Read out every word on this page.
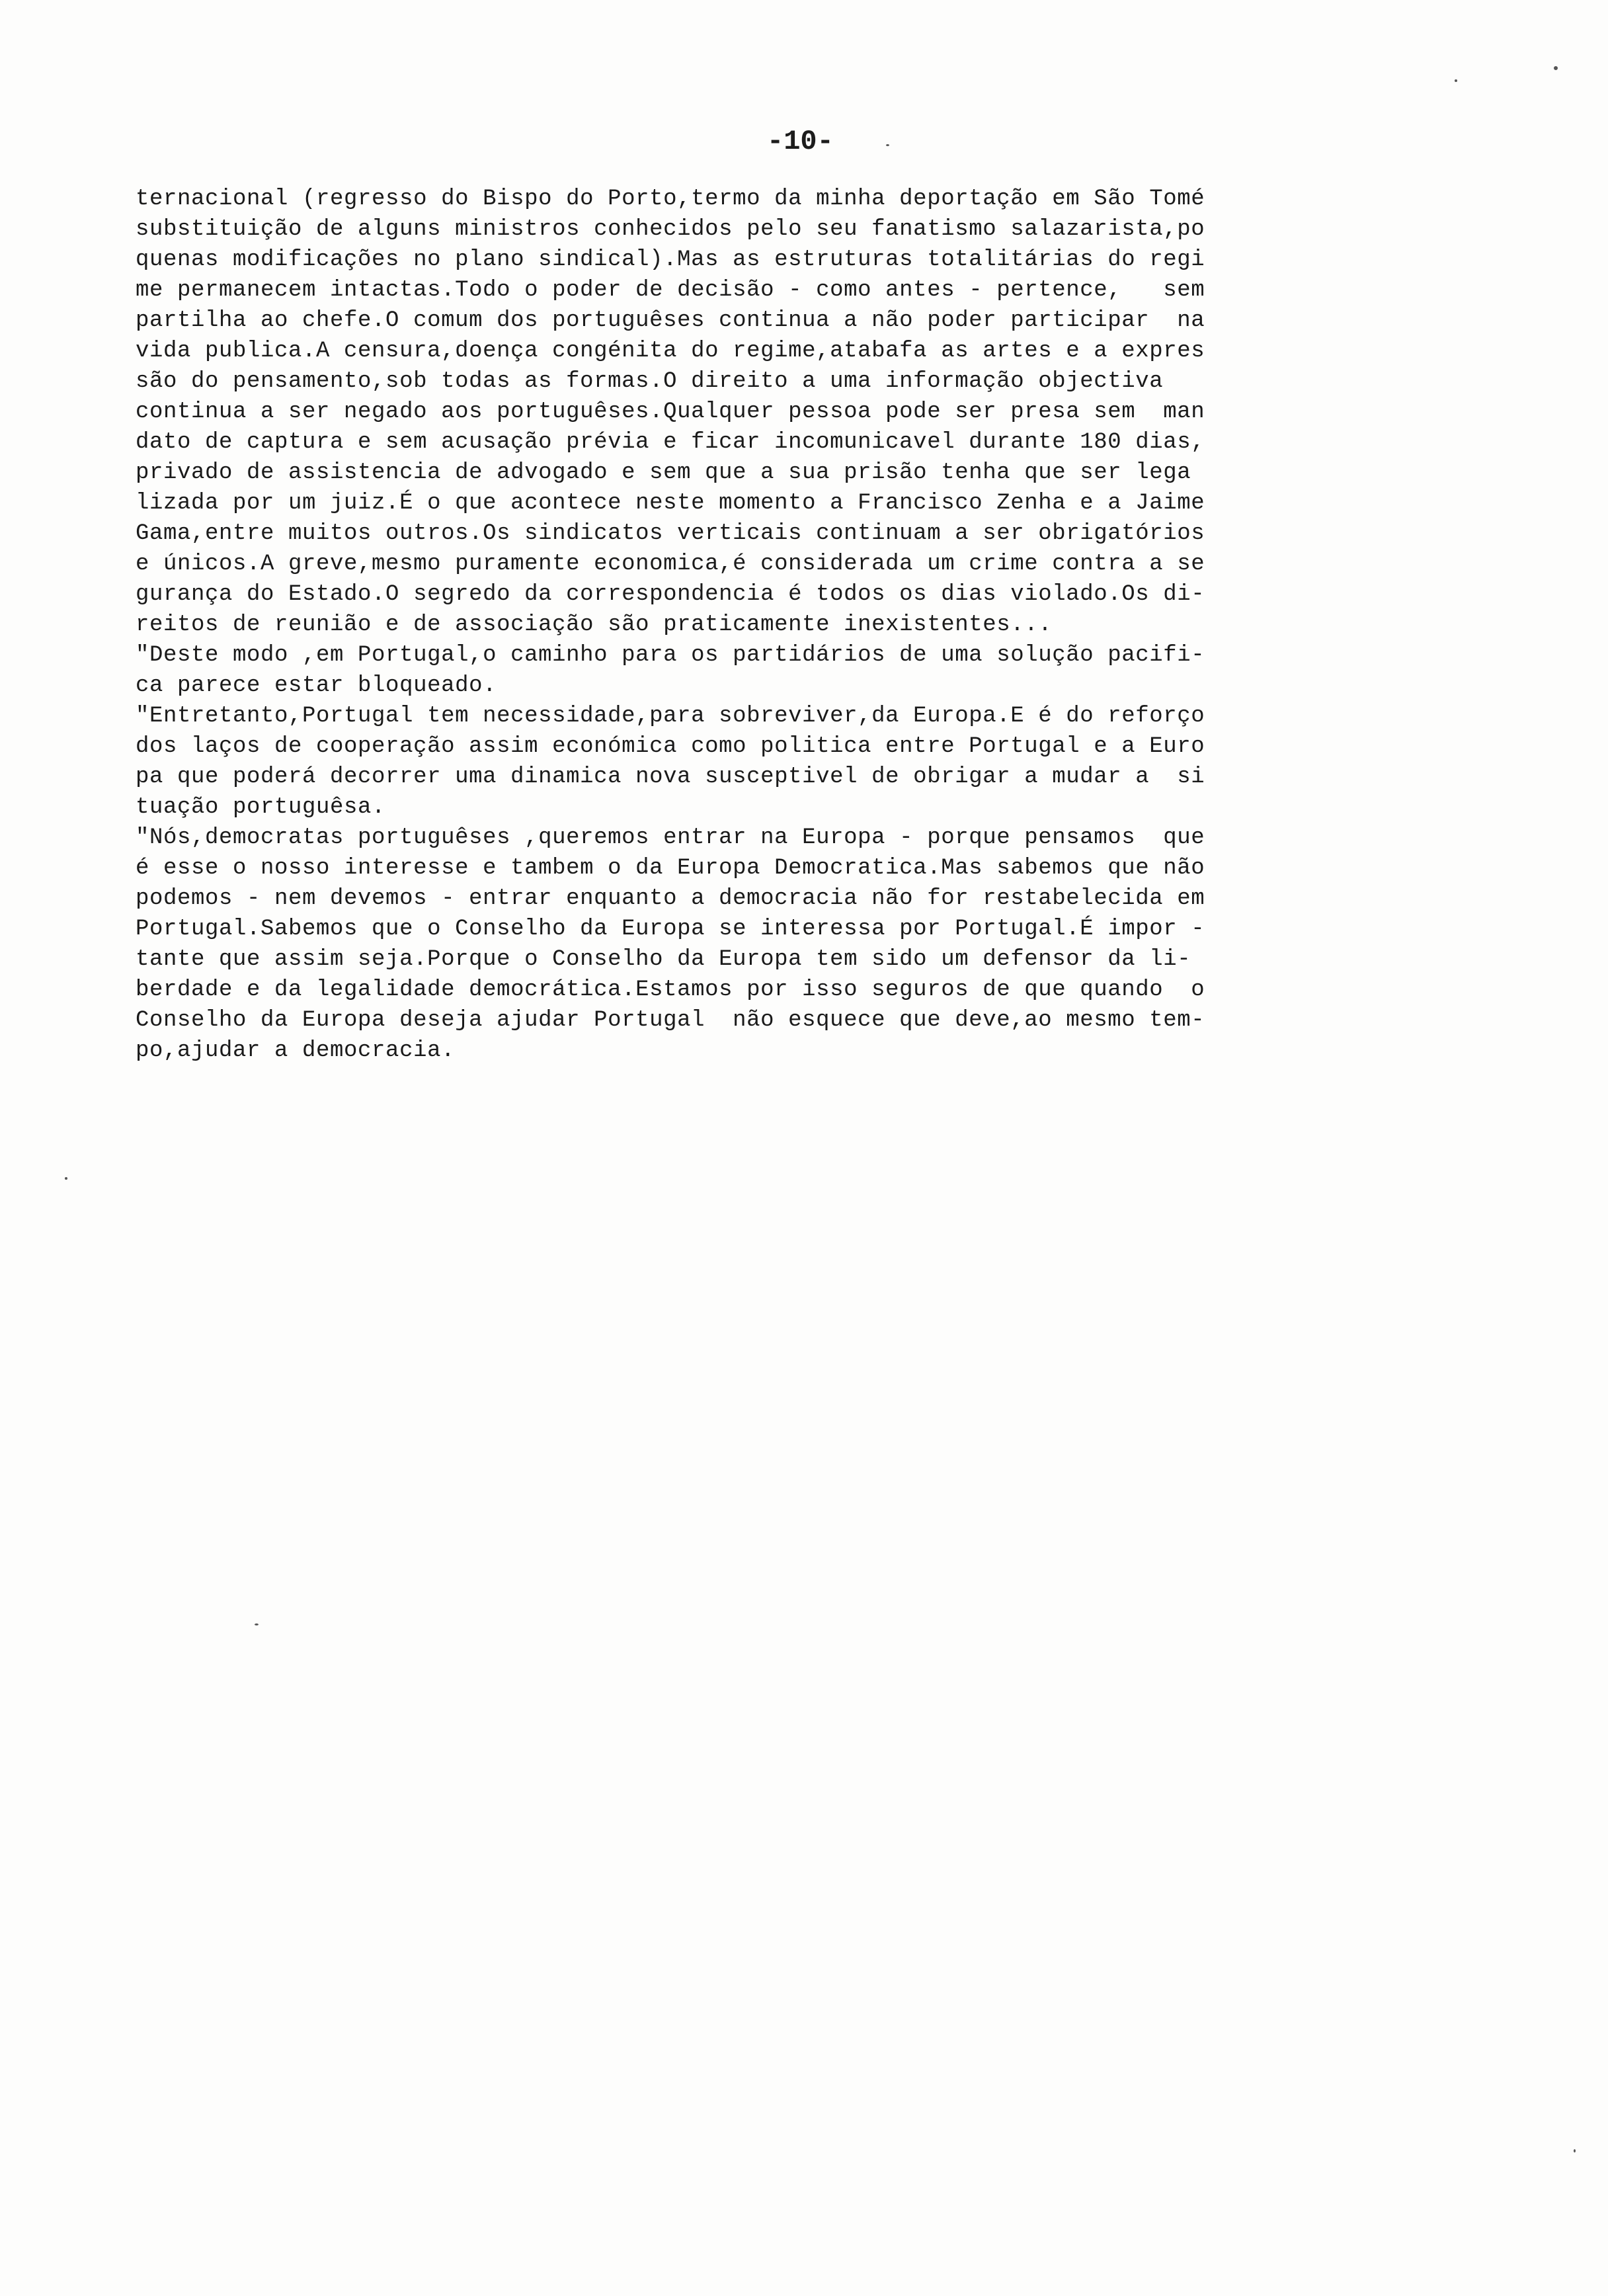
-10-
ternacional (regresso do Bispo do Porto,termo da minha deportação em São Tomé
substituição de alguns ministros conhecidos pelo seu fanatismo salazarista,po
quenas modificações no plano sindical).Mas as estruturas totalitárias do regi
me permanecem intactas.Todo o poder de decisão - como antes - pertence,   sem
partilha ao chefe.O comum dos portuguêses continua a não poder participar  na
vida publica.A censura,doença congénita do regime,atabafa as artes e a expres
são do pensamento,sob todas as formas.O direito a uma informação objectiva
continua a ser negado aos portuguêses.Qualquer pessoa pode ser presa sem  man
dato de captura e sem acusação prévia e ficar incomunicavel durante 180 dias,
privado de assistencia de advogado e sem que a sua prisão tenha que ser lega
lizada por um juiz.É o que acontece neste momento a Francisco Zenha e a Jaime
Gama,entre muitos outros.Os sindicatos verticais continuam a ser obrigatórios
e únicos.A greve,mesmo puramente economica,é considerada um crime contra a se
gurança do Estado.O segredo da correspondencia é todos os dias violado.Os di-
reitos de reunião e de associação são praticamente inexistentes...
"Deste modo ,em Portugal,o caminho para os partidários de uma solução pacifi-
ca parece estar bloqueado.
"Entretanto,Portugal tem necessidade,para sobreviver,da Europa.E é do reforço
dos laços de cooperação assim económica como politica entre Portugal e a Euro
pa que poderá decorrer uma dinamica nova susceptivel de obrigar a mudar a  si
tuação portuguêsa.
"Nós,democratas portuguêses ,queremos entrar na Europa - porque pensamos  que
é esse o nosso interesse e tambem o da Europa Democratica.Mas sabemos que não
podemos - nem devemos - entrar enquanto a democracia não for restabelecida em
Portugal.Sabemos que o Conselho da Europa se interessa por Portugal.É impor -
tante que assim seja.Porque o Conselho da Europa tem sido um defensor da li-
berdade e da legalidade democrática.Estamos por isso seguros de que quando  o
Conselho da Europa deseja ajudar Portugal  não esquece que deve,ao mesmo tem-
po,ajudar a democracia.
